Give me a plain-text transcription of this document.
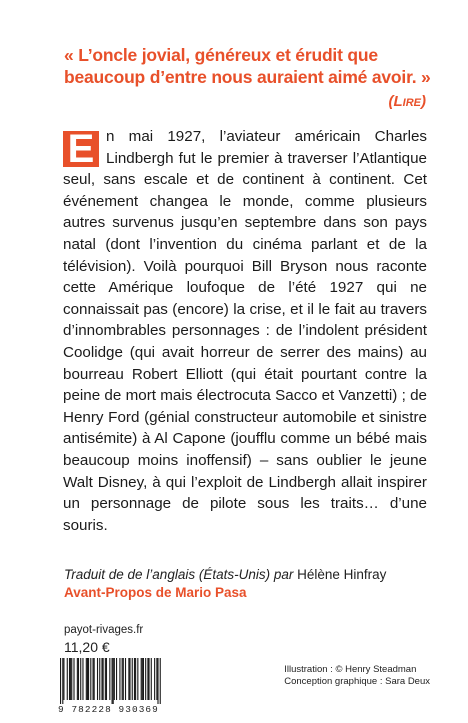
« L’oncle jovial, généreux et érudit que beaucoup d’entre nous auraient aimé avoir. »
(Lire)
E n mai 1927, l’aviateur américain Charles Lindbergh fut le premier à traverser l’Atlantique seul, sans escale et de continent à continent. Cet événement changea le monde, comme plusieurs autres survenus jusqu’en septembre dans son pays natal (dont l’invention du cinéma parlant et de la télévision). Voilà pourquoi Bill Bryson nous raconte cette Amérique loufoque de l’été 1927 qui ne connaissait pas (encore) la crise, et il le fait au travers d’innombrables personnages : de l’indolent président Coolidge (qui avait horreur de serrer des mains) au bourreau Robert Elliott (qui était pourtant contre la peine de mort mais électrocuta Sacco et Vanzetti) ; de Henry Ford (génial constructeur automobile et sinistre antisémite) à Al Capone (joufflu comme un bébé mais beaucoup moins inoffensif) – sans oublier le jeune Walt Disney, à qui l’exploit de Lindbergh allait inspirer un personnage de pilote sous les traits… d’une souris.
Traduit de de l’anglais (États-Unis) par Hélène Hinfray
Avant-Propos de Mario Pasa
payot-rivages.fr
11,20 €
9 782228 930369
Illustration : © Henry Steadman
Conception graphique : Sara Deux
